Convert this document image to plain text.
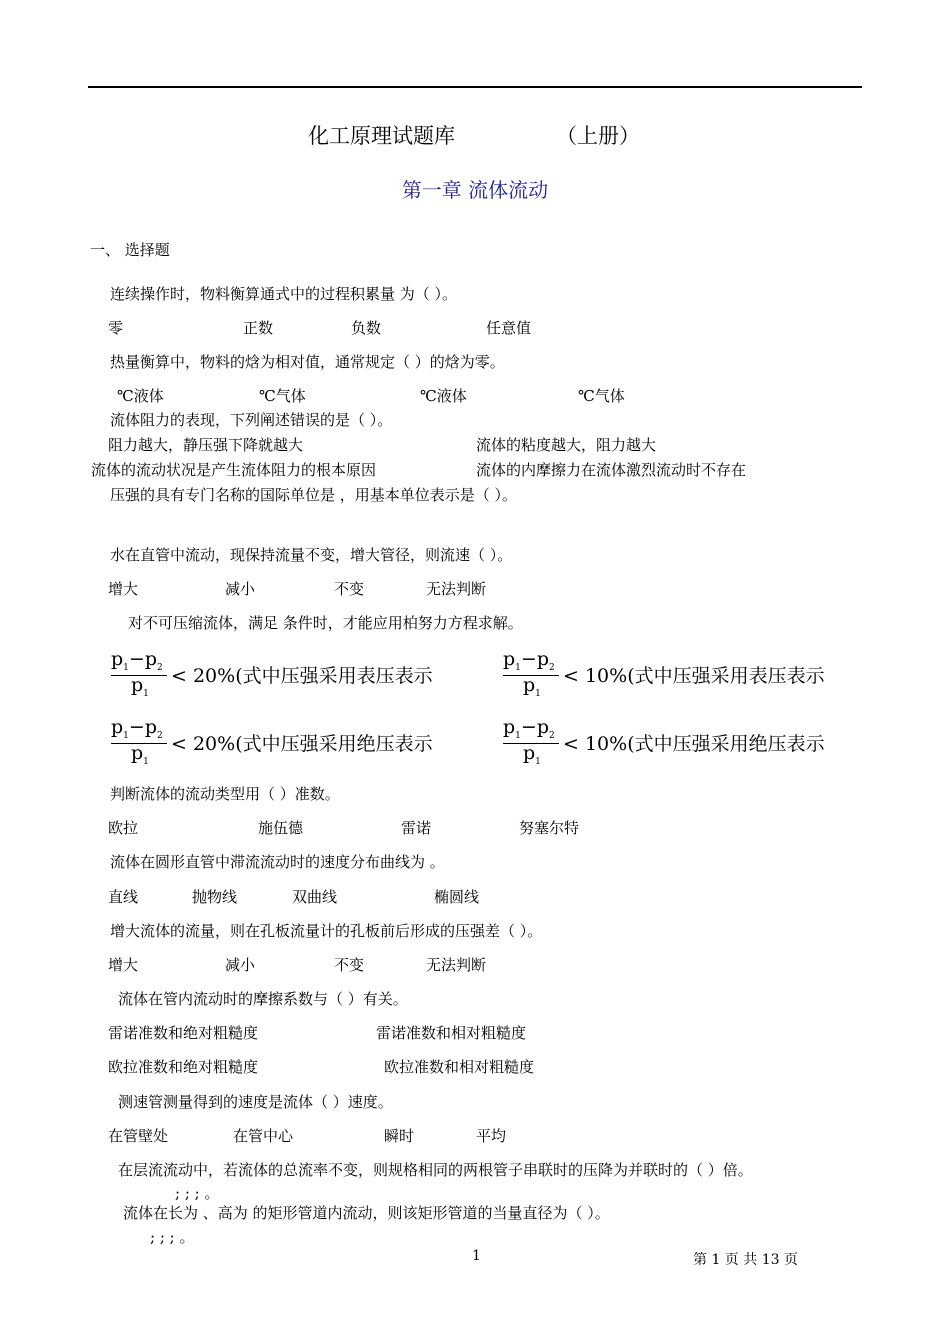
化工原理试题库	（上册）
第一章 流体流动
一、 选择题
连续操作时，物料衡算通式中的过程积累量 为（ ）。
零	正数	负数	任意值
热量衡算中，物料的焓为相对值，通常规定（ ）的焓为零。
℃液体	℃气体	℃液体	℃气体
流体阻力的表现，下列阐述错误的是（ ）。
阻力越大，静压强下降就越大	流体的粘度越大，阻力越大
流体的流动状况是产生流体阻力的根本原因	流体的内摩擦力在流体激烈流动时不存在
压强的具有专门名称的国际单位是 ，用基本单位表示是（ ）。
水在直管中流动，现保持流量不变，增大管径，则流速（ ）。
增大	减小	不变	无法判断
对不可压缩流体，满足 条件时，才能应用柏努力方程求解。
$p_1-p_2$
$p_1$
< 20%(式中压强采用表压表示
$p_1-p_2$
$p_1$
< 10%(式中压强采用表压表示
$p_1-p_2$
$p_1$
< 20%(式中压强采用绝压表示
$p_1-p_2$
$p_1$
< 10%(式中压强采用绝压表示
判断流体的流动类型用（ ）准数。
欧拉	施伍德	雷诺	努塞尔特
流体在圆形直管中滞流流动时的速度分布曲线为 。
直线	抛物线	双曲线	椭圆线
增大流体的流量，则在孔板流量计的孔板前后形成的压强差（ ）。
增大	减小	不变	无法判断
流体在管内流动时的摩擦系数与（ ）有关。
雷诺准数和绝对粗糙度	雷诺准数和相对粗糙度
欧拉准数和绝对粗糙度	欧拉准数和相对粗糙度
测速管测量得到的速度是流体（ ）速度。
在管壁处	在管中心	瞬时	平均
在层流流动中，若流体的总流率不变，则规格相同的两根管子串联时的压降为并联时的（ ）倍。
; ; ; 。
流体在长为 、高为 的矩形管道内流动，则该矩形管道的当量直径为（ ）。
; ; ; 。
1	第 1 页 共 13 页
